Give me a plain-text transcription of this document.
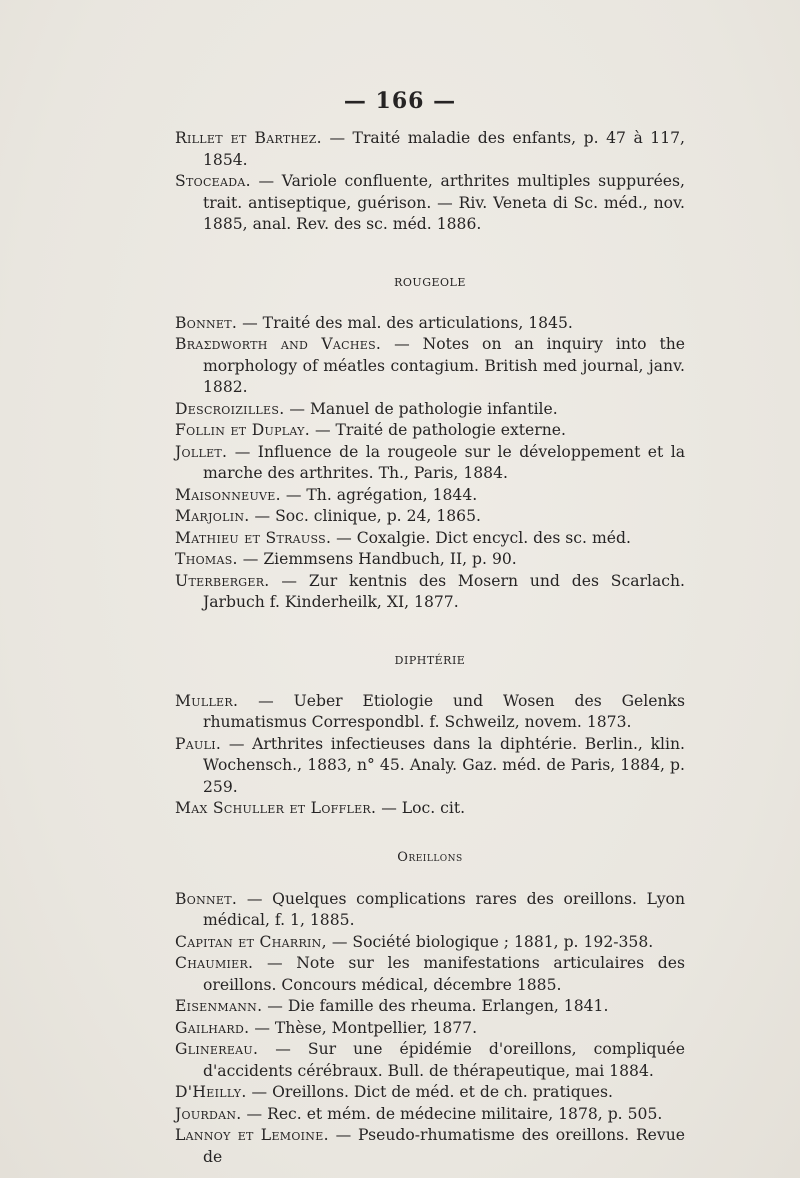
— 166 —

Rillet et Barthez. — Traité maladie des enfants, p. 47 à 117, 1854.

Stoceada. — Variole confluente, arthrites multiples suppurées, trait. antiseptique, guérison. — Riv. Veneta di Sc. méd., nov. 1885, anal. Rev. des sc. méd. 1886.

ROUGEOLE

Bonnet. — Traité des mal. des articulations, 1845.

Braʃdworth and Vaches. — Notes on an inquiry into the morphology of méatles contagium. British med journal, janv. 1882.

Descroizilles. — Manuel de pathologie infantile.

Follin et Duplay. — Traité de pathologie externe.

Jollet. — Influence de la rougeole sur le développement et la marche des arthrites. Th., Paris, 1884.

Maisonneuve. — Th. agrégation, 1844.

Marjolin. — Soc. clinique, p. 24, 1865.

Mathieu et Strauss. — Coxalgie. Dict encycl. des sc. méd.

Thomas. — Ziemmsens Handbuch, II, p. 90.

Uterberger. — Zur kentnis des Mosern und des Scarlach. Jarbuch f. Kinderheilk, XI, 1877.

DIPHTÉRIE

Muller. — Ueber Etiologie und Wosen des Gelenks rhumatismus Correspondbl. f. Schweilz, novem. 1873.

Pauli. — Arthrites infectieuses dans la diphtérie. Berlin., klin. Wochensch., 1883, n° 45. Analy. Gaz. méd. de Paris, 1884, p. 259.

Max Schuller et Loffler. — Loc. cit.

Oreillons

Bonnet. — Quelques complications rares des oreillons. Lyon médical, f. 1, 1885.

Capitan et Charrin, — Société biologique ; 1881, p. 192-358.

Chaumier. — Note sur les manifestations articulaires des oreillons. Concours médical, décembre 1885.

Eisenmann. — Die famille des rheuma. Erlangen, 1841.

Gailhard. — Thèse, Montpellier, 1877.

Glinereau. — Sur une épidémie d'oreillons, compliquée d'accidents cérébraux. Bull. de thérapeutique, mai 1884.

D'Heilly. — Oreillons. Dict de méd. et de ch. pratiques.

Jourdan. — Rec. et mém. de médecine militaire, 1878, p. 505.

Lannoy et Lemoine. — Pseudo-rhumatisme des oreillons. Revue de
